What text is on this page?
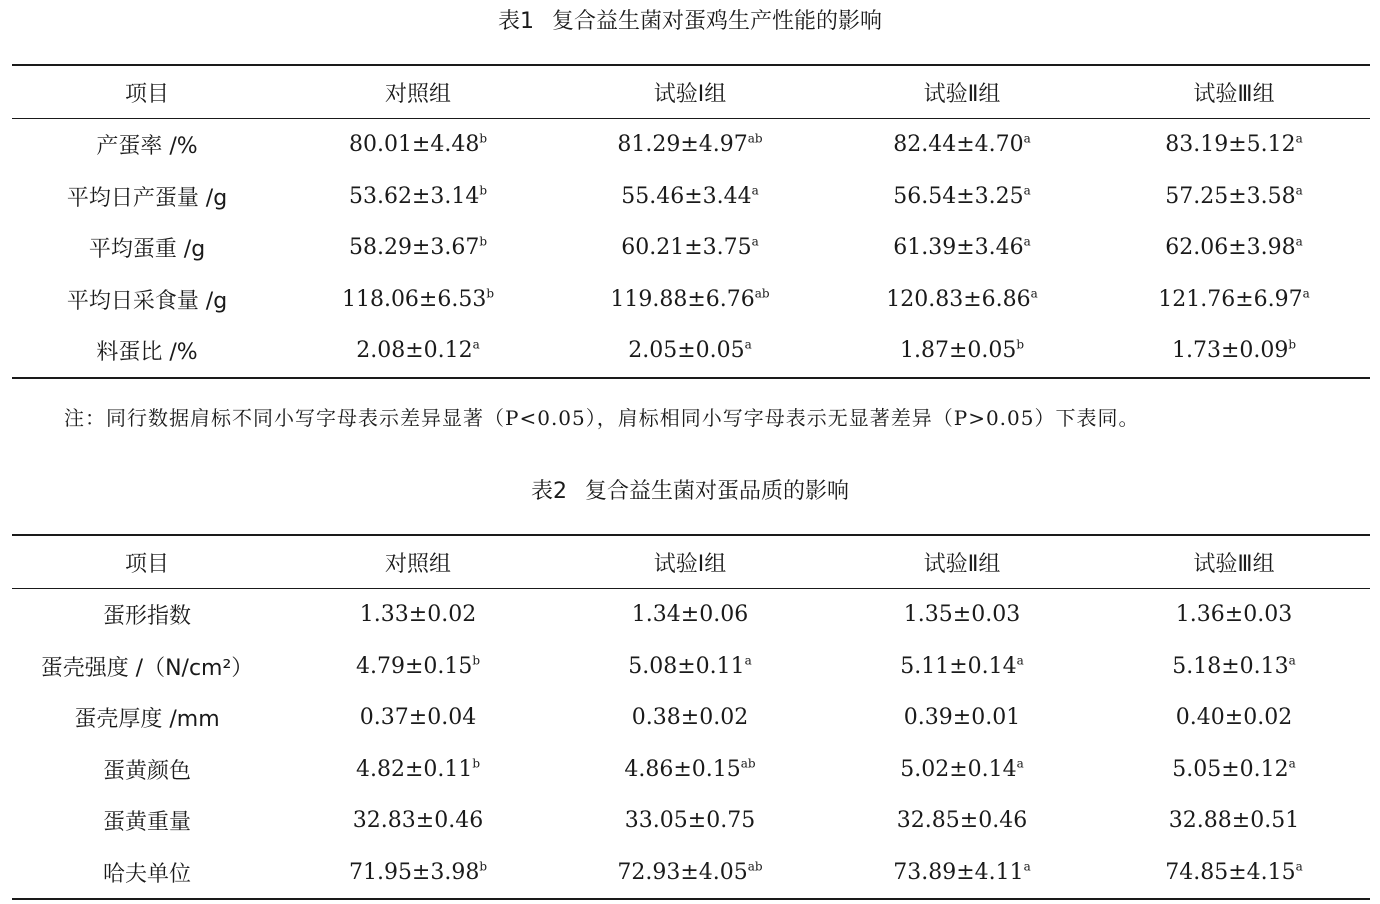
表1 复合益生菌对蛋鸡生产性能的影响
项目	对照组	试验Ⅰ组	试验Ⅱ组	试验Ⅲ组
产蛋率 /%	80.01±4.48$^b$	81.29±4.97$^{ab}$	82.44±4.70$^a$	83.19±5.12$^a$
平均日产蛋量 /g	53.62±3.14$^b$	55.46±3.44$^a$	56.54±3.25$^a$	57.25±3.58$^a$
平均蛋重 /g	58.29±3.67$^b$	60.21±3.75$^a$	61.39±3.46$^a$	62.06±3.98$^a$
平均日采食量 /g	118.06±6.53$^b$	119.88±6.76$^{ab}$	120.83±6.86$^a$	121.76±6.97$^a$
料蛋比 /%	2.08±0.12$^a$	2.05±0.05$^a$	1.87±0.05$^b$	1.73±0.09$^b$
注：同行数据肩标不同小写字母表示差异显著（P<0.05），肩标相同小写字母表示无显著差异（P>0.05）下表同。
表2 复合益生菌对蛋品质的影响
项目	对照组	试验Ⅰ组	试验Ⅱ组	试验Ⅲ组
蛋形指数	1.33±0.02	1.34±0.06	1.35±0.03	1.36±0.03
蛋壳强度 /（N/cm²）	4.79±0.15$^b$	5.08±0.11$^a$	5.11±0.14$^a$	5.18±0.13$^a$
蛋壳厚度 /mm	0.37±0.04	0.38±0.02	0.39±0.01	0.40±0.02
蛋黄颜色	4.82±0.11$^b$	4.86±0.15$^{ab}$	5.02±0.14$^a$	5.05±0.12$^a$
蛋黄重量	32.83±0.46	33.05±0.75	32.85±0.46	32.88±0.51
哈夫单位	71.95±3.98$^b$	72.93±4.05$^{ab}$	73.89±4.11$^a$	74.85±4.15$^a$
